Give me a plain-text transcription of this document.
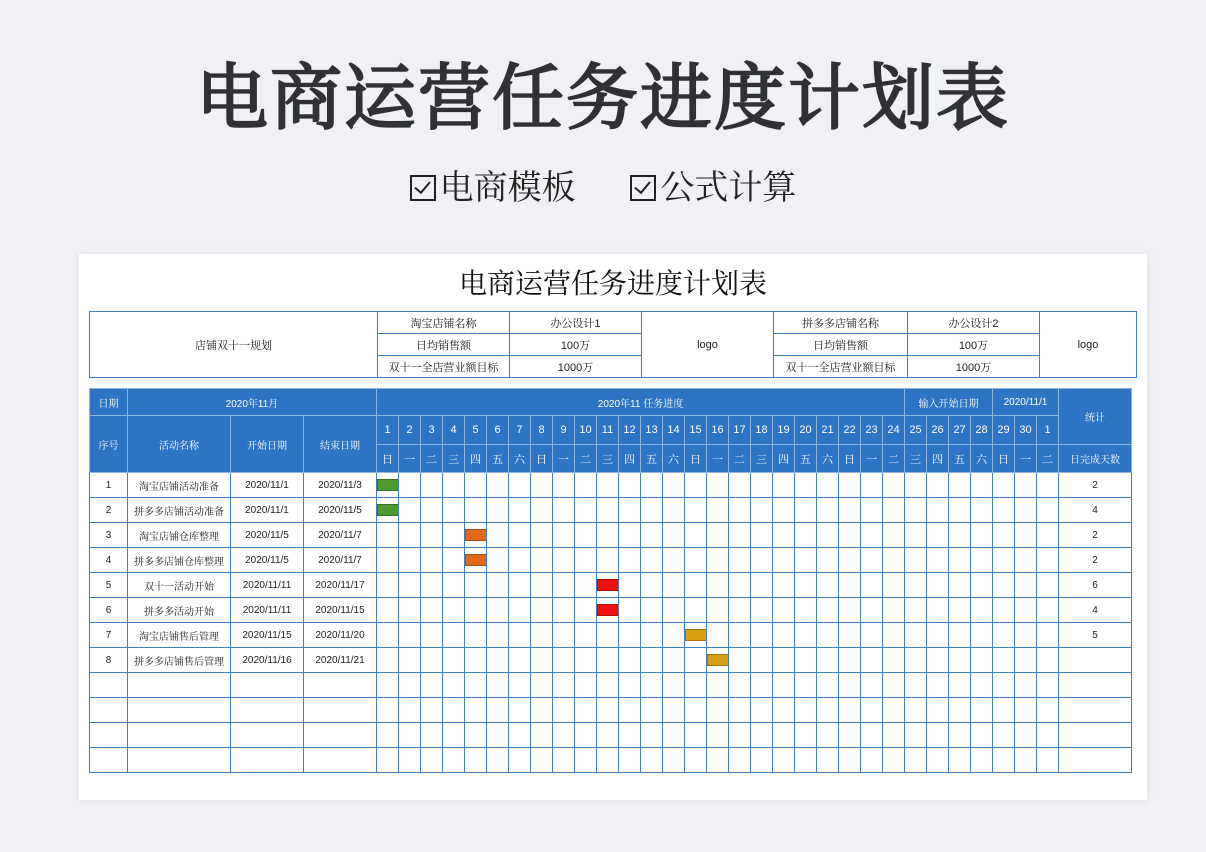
电商运营任务进度计划表
电商模板 公式计算
电商运营任务进度计划表
店铺双十一规划	淘宝店铺名称	办公设计1	logo	拼多多店铺名称	办公设计2	logo
	日均销售额	100万		日均销售额	100万	
	双十一全店营业额目标	1000万		双十一全店营业额目标	1000万	
日期	2020年11月			2020年11 任务进度																								输入开始日期				2020/11/1			统计
序号	活动名称	开始日期	结束日期	1	2	3	4	5	6	7	8	9	10	11	12	13	14	15	16	17	18	19	20	21	22	23	24	25	26	27	28	29	30	1	
				日	一	二	三	四	五	六	日	一	二	三	四	五	六	日	一	二	三	四	五	六	日	一	二	三	四	五	六	日	一	二	日完成天数
1	淘宝店铺活动准备	2020/11/1	2020/11/3																																2
2	拼多多店铺活动准备	2020/11/1	2020/11/5																																4
3	淘宝店铺仓库整理	2020/11/5	2020/11/7																																2
4	拼多多店铺仓库整理	2020/11/5	2020/11/7																																2
5	双十一活动开始	2020/11/11	2020/11/17																																6
6	拼多多活动开始	2020/11/11	2020/11/15																																4
7	淘宝店铺售后管理	2020/11/15	2020/11/20																																5
8	拼多多店铺售后管理	2020/11/16	2020/11/21																
